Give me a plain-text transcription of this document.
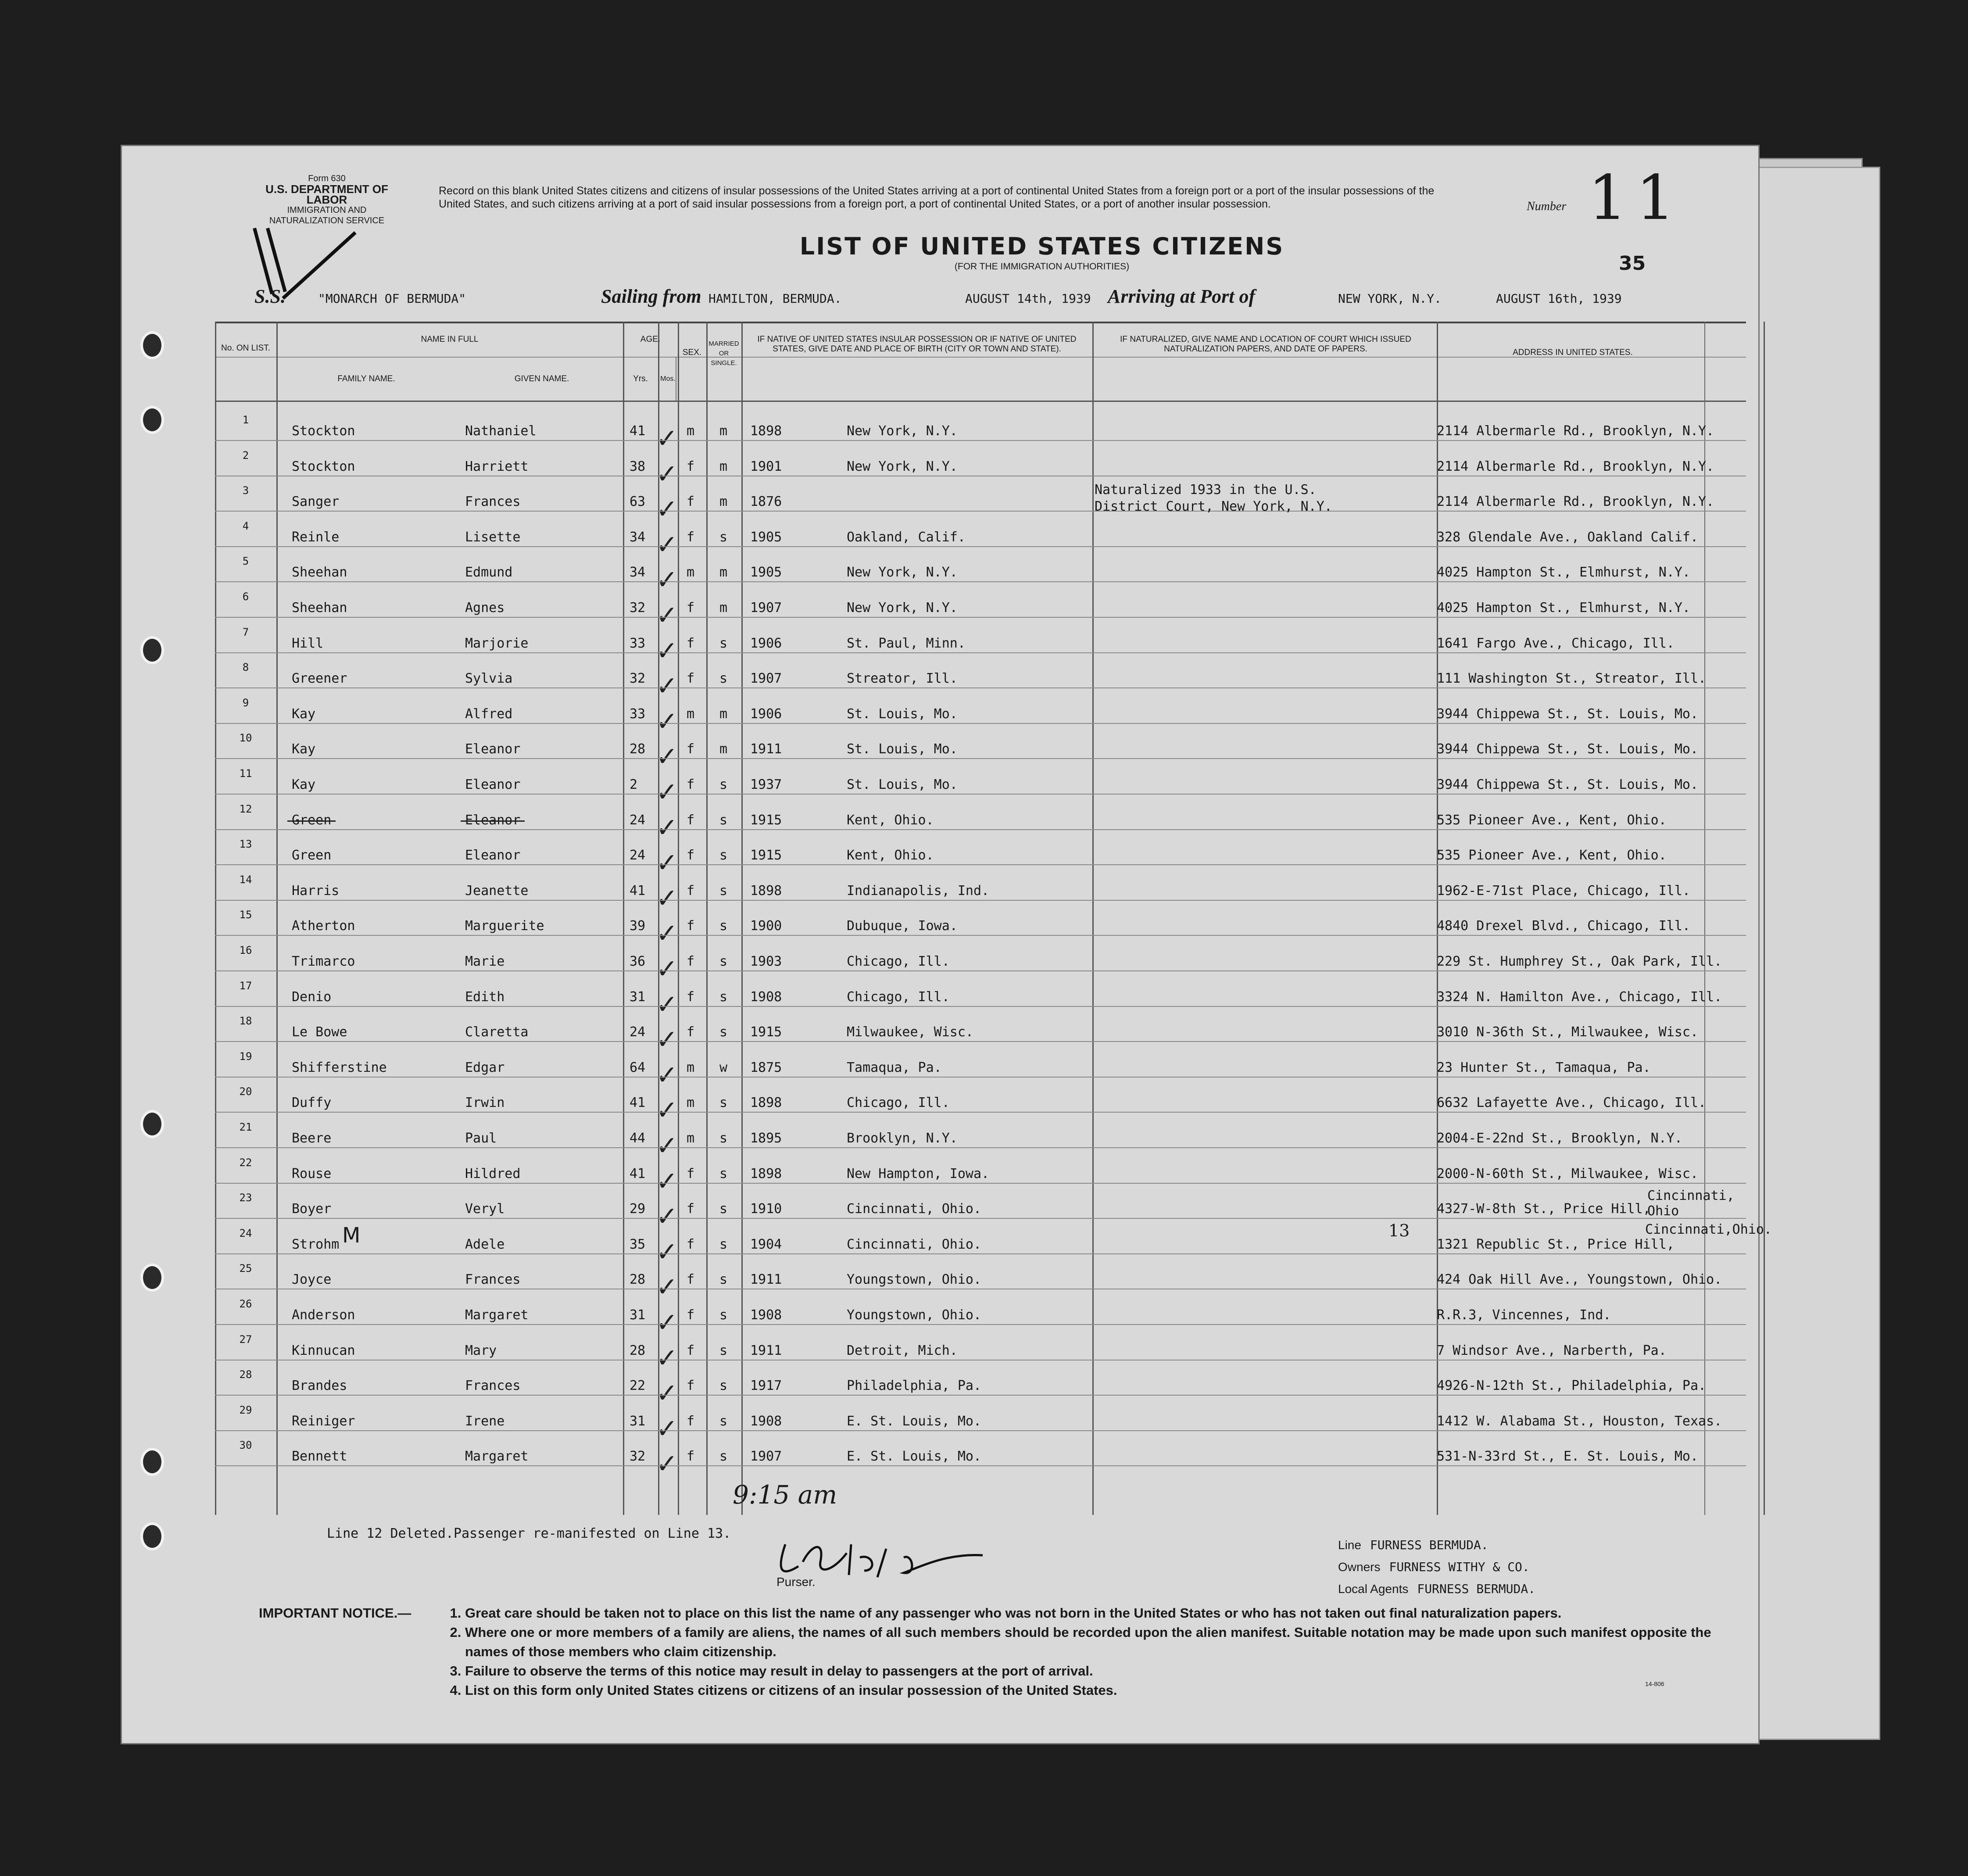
Form 630
U.S. DEPARTMENT OF LABOR
IMMIGRATION AND NATURALIZATION SERVICE
Record on this blank United States citizens and citizens of insular possessions of the United States arriving at a port of continental United States from a foreign port or a port of the insular possessions of the United States, and such citizens arriving at a port of said insular possessions from a foreign port, a port of continental United States, or a port of another insular possession.	Number 11
LIST OF UNITED STATES CITIZENS
(FOR THE IMMIGRATION AUTHORITIES)	35
S.S.	"MONARCH OF BERMUDA"	Sailing from HAMILTON, BERMUDA.	AUGUST 14th, 1939 Arriving at Port of	NEW YORK, N.Y.	AUGUST 16th, 1939
No. ON LIST.
NAME IN FULL
FAMILY NAME.	GIVEN NAME.
AGE.
Yrs.	Mos.
SEX.
MARRIED OR SINGLE.
IF NATIVE OF UNITED STATES INSULAR POSSESSION OR IF NATIVE OF UNITED STATES, GIVE DATE AND PLACE OF BIRTH (CITY OR TOWN AND STATE).
IF NATURALIZED, GIVE NAME AND LOCATION OF COURT WHICH ISSUED NATURALIZATION PAPERS, AND DATE OF PAPERS.	ADDRESS IN UNITED STATES.
1
Stockton	Nathaniel	41	m m 1898	New York, N.Y.	2114 Albermarle Rd., Brooklyn, N.Y.
✓
2
Stockton	Harriett	38	f m 1901	New York, N.Y.	2114 Albermarle Rd., Brooklyn, N.Y.
✓
3
Sanger	Frances	63	f m 1876	2114 Albermarle Rd., Brooklyn, N.Y.
✓
4
Reinle	Lisette	34	f s 1905	Oakland, Calif.	328 Glendale Ave., Oakland Calif.
✓
5
Sheehan	Edmund	34	m m 1905	New York, N.Y.	4025 Hampton St., Elmhurst, N.Y.
✓
6
Sheehan	Agnes	32	f m 1907	New York, N.Y.	4025 Hampton St., Elmhurst, N.Y.
✓
7
Hill	Marjorie	33	f s 1906	St. Paul, Minn.	1641 Fargo Ave., Chicago, Ill.
✓
8
Greener	Sylvia	32	f s 1907	Streator, Ill.	111 Washington St., Streator, Ill.
✓
9
Kay	Alfred	33	m m 1906	St. Louis, Mo.	3944 Chippewa St., St. Louis, Mo.
✓
10
Kay	Eleanor	28	f m 1911	St. Louis, Mo.	3944 Chippewa St., St. Louis, Mo.
✓
11
Kay	Eleanor	2	f s 1937	St. Louis, Mo.	3944 Chippewa St., St. Louis, Mo.
✓
12
Green	Eleanor	24	f s 1915	Kent, Ohio.	535 Pioneer Ave., Kent, Ohio.
✓
13
Green	Eleanor	24	f s 1915	Kent, Ohio.	535 Pioneer Ave., Kent, Ohio.
✓
14
Harris	Jeanette	41	f s 1898	Indianapolis, Ind.	1962-E-71st Place, Chicago, Ill.
✓
15
Atherton	Marguerite	39	f s 1900	Dubuque, Iowa.	4840 Drexel Blvd., Chicago, Ill.
✓
16
Trimarco	Marie	36	f s 1903	Chicago, Ill.	229 St. Humphrey St., Oak Park, Ill.
✓
17
Denio	Edith	31	f s 1908	Chicago, Ill.	3324 N. Hamilton Ave., Chicago, Ill.
✓
18
Le Bowe	Claretta	24	f s 1915	Milwaukee, Wisc.	3010 N-36th St., Milwaukee, Wisc.
✓
19
Shifferstine	Edgar	64	m w 1875	Tamaqua, Pa.	23 Hunter St., Tamaqua, Pa.
✓
20
Duffy	Irwin	41	m s 1898	Chicago, Ill.	6632 Lafayette Ave., Chicago, Ill.
✓
21
Beere	Paul	44	m s 1895	Brooklyn, N.Y.	2004-E-22nd St., Brooklyn, N.Y.
✓
22
Rouse	Hildred	41	f s 1898	New Hampton, Iowa.	2000-N-60th St., Milwaukee, Wisc.
✓
23
Boyer	Veryl	29	f s 1910	Cincinnati, Ohio.	4327-W-8th St., Price Hill,
✓
24
Strohm	Adele	35	f s 1904	Cincinnati, Ohio.	1321 Republic St., Price Hill,
✓
25
Joyce	Frances	28	f s 1911	Youngstown, Ohio.	424 Oak Hill Ave., Youngstown, Ohio.
✓
26
Anderson	Margaret	31	f s 1908	Youngstown, Ohio.	R.R.3, Vincennes, Ind.
✓
27
Kinnucan	Mary	28	f s 1911	Detroit, Mich.	7 Windsor Ave., Narberth, Pa.
✓
28
Brandes	Frances	22	f s 1917	Philadelphia, Pa.	4926-N-12th St., Philadelphia, Pa.
✓
29
Reiniger	Irene	31	f s 1908	E. St. Louis, Mo.	1412 W. Alabama St., Houston, Texas.
✓
30
Bennett	Margaret	32	f s 1907	E. St. Louis, Mo.	531-N-33rd St., E. St. Louis, Mo.
✓
Naturalized 1933 in the U.S.
District Court, New York, N.Y.
Cincinnati, Ohio
Cincinnati,Ohio.
13
M
9:15 am
Line 12 Deleted.Passenger re-manifested on Line 13.
Purser.
Line FURNESS BERMUDA.
Owners FURNESS WITHY & CO.
Local Agents FURNESS BERMUDA.
IMPORTANT NOTICE.—
1.	Great care should be taken not to place on this list the name of any passenger who was not born in the United States or who has not taken out final naturalization papers.
2. Where one or more members of a family are aliens, the names of all such members should be recorded upon the alien manifest. Suitable notation may be made upon such manifest opposite the names of those members who claim citizenship.
3. Failure to observe the terms of this notice may result in delay to passengers at the port of arrival.
4. List on this form only United States citizens or citizens of an insular possession of the United States.	14-806
